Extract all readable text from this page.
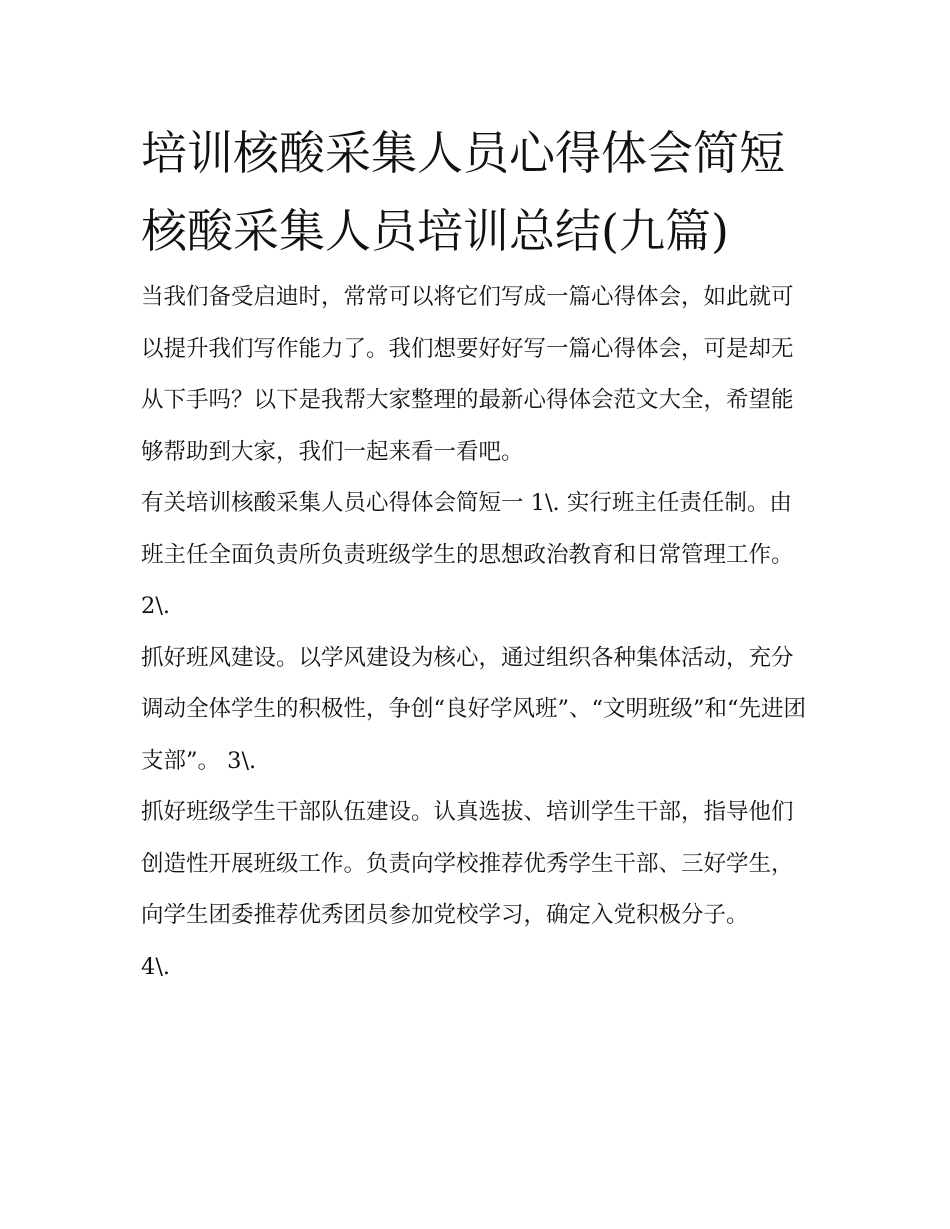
培训核酸采集人员心得体会简短 核酸采集人员培训总结(九篇)

当我们备受启迪时，常常可以将它们写成一篇心得体会，如此就可以提升我们写作能力了。我们想要好好写一篇心得体会，可是却无从下手吗？以下是我帮大家整理的最新心得体会范文大全，希望能够帮助到大家，我们一起来看一看吧。

有关培训核酸采集人员心得体会简短一 1\. 实行班主任责任制。由班主任全面负责所负责班级学生的思想政治教育和日常管理工作。 2\.

抓好班风建设。以学风建设为核心，通过组织各种集体活动，充分调动全体学生的积极性，争创“良好学风班”、“文明班级”和“先进团支部”。 3\.

抓好班级学生干部队伍建设。认真选拔、培训学生干部，指导他们创造性开展班级工作。负责向学校推荐优秀学生干部、三好学生，向学生团委推荐优秀团员参加党校学习，确定入党积极分子。

4\.
